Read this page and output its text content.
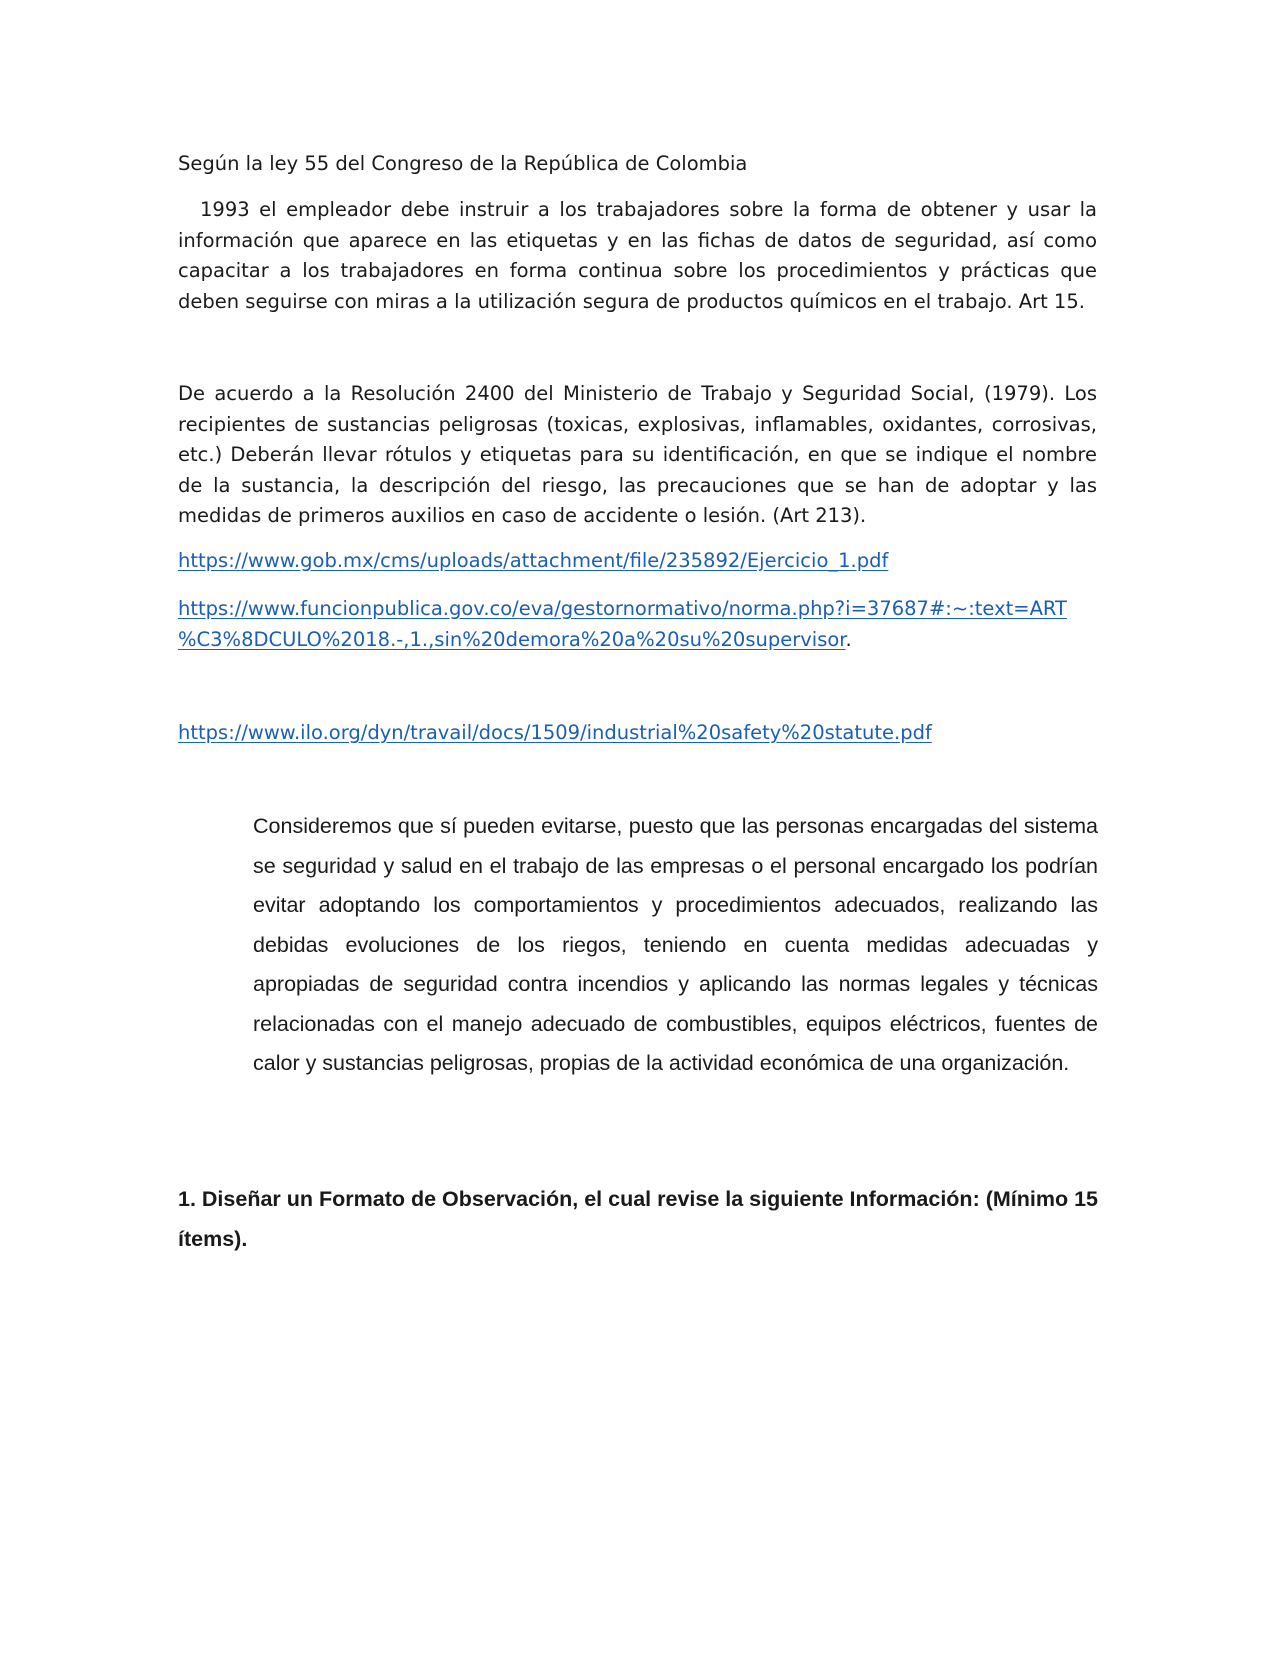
Según la ley 55 del Congreso de la República de Colombia

1993 el empleador debe instruir a los trabajadores sobre la forma de obtener y usar la información que aparece en las etiquetas y en las fichas de datos de seguridad, así como capacitar a los trabajadores en forma continua sobre los procedimientos y prácticas que deben seguirse con miras a la utilización segura de productos químicos en el trabajo. Art 15.

De acuerdo a la Resolución 2400 del Ministerio de Trabajo y Seguridad Social, (1979). Los recipientes de sustancias peligrosas (toxicas, explosivas, inflamables, oxidantes, corrosivas, etc.) Deberán llevar rótulos y etiquetas para su identificación, en que se indique el nombre de la sustancia, la descripción del riesgo, las precauciones que se han de adoptar y las medidas de primeros auxilios en caso de accidente o lesión. (Art 213).

https://www.gob.mx/cms/uploads/attachment/file/235892/Ejercicio_1.pdf
https://www.funcionpublica.gov.co/eva/gestornormativo/norma.php?i=37687#:~:text=ART
%C3%8DCULO%2018.-,1.,sin%20demora%20a%20su%20supervisor.
https://www.ilo.org/dyn/travail/docs/1509/industrial%20safety%20statute.pdf

Consideremos que sí pueden evitarse, puesto que las personas encargadas del sistema se seguridad y salud en el trabajo de las empresas o el personal encargado los podrían evitar adoptando los comportamientos y procedimientos adecuados, realizando las debidas evoluciones de los riegos, teniendo en cuenta medidas adecuadas y apropiadas de seguridad contra incendios y aplicando las normas legales y técnicas relacionadas con el manejo adecuado de combustibles, equipos eléctricos, fuentes de calor y sustancias peligrosas, propias de la actividad económica de una organización.

1. Diseñar un Formato de Observación, el cual revise la siguiente Información: (Mínimo 15 ítems).
